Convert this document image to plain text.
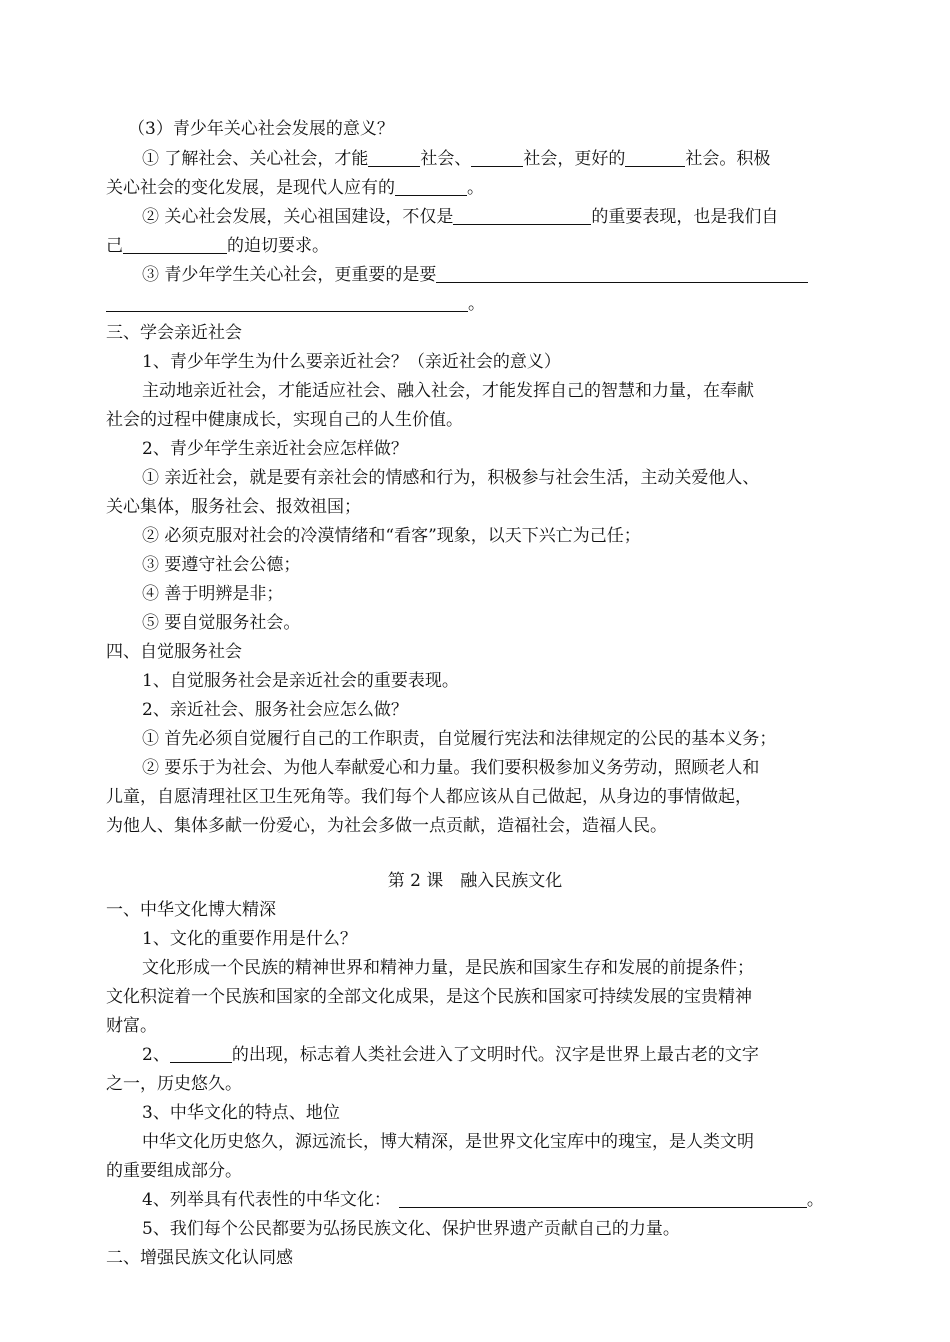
（3）青少年关心社会发展的意义？
① 了解社会、关心社会，才能	社会、	社会，更好的	社会。积极
关心社会的变化发展，是现代人应有的	。
② 关心社会发展，关心祖国建设，不仅是	的重要表现，也是我们自
己	的迫切要求。
③ 青少年学生关心社会，更重要的是要
。
三、学会亲近社会
1、青少年学生为什么要亲近社会？（亲近社会的意义）
主动地亲近社会，才能适应社会、融入社会，才能发挥自己的智慧和力量，在奉献
社会的过程中健康成长，实现自己的人生价值。
2、青少年学生亲近社会应怎样做？
① 亲近社会，就是要有亲社会的情感和行为，积极参与社会生活，主动关爱他人、
关心集体，服务社会、报效祖国；
② 必须克服对社会的冷漠情绪和“看客”现象，以天下兴亡为己任；
③ 要遵守社会公德；
④ 善于明辨是非；
⑤ 要自觉服务社会。
四、自觉服务社会
1、自觉服务社会是亲近社会的重要表现。
2、亲近社会、服务社会应怎么做？
① 首先必须自觉履行自己的工作职责，自觉履行宪法和法律规定的公民的基本义务；
② 要乐于为社会、为他人奉献爱心和力量。我们要积极参加义务劳动，照顾老人和
儿童，自愿清理社区卫生死角等。我们每个人都应该从自己做起，从身边的事情做起，
为他人、集体多献一份爱心，为社会多做一点贡献，造福社会，造福人民。
第 2 课　融入民族文化
一、中华文化博大精深
1、文化的重要作用是什么？
文化形成一个民族的精神世界和精神力量，是民族和国家生存和发展的前提条件；
文化积淀着一个民族和国家的全部文化成果，是这个民族和国家可持续发展的宝贵精神
财富。
2、	的出现，标志着人类社会进入了文明时代。汉字是世界上最古老的文字
之一，历史悠久。
3、中华文化的特点、地位
中华文化历史悠久，源远流长，博大精深，是世界文化宝库中的瑰宝，是人类文明
的重要组成部分。
4、列举具有代表性的中华文化：	。
5、我们每个公民都要为弘扬民族文化、保护世界遗产贡献自己的力量。
二、增强民族文化认同感
